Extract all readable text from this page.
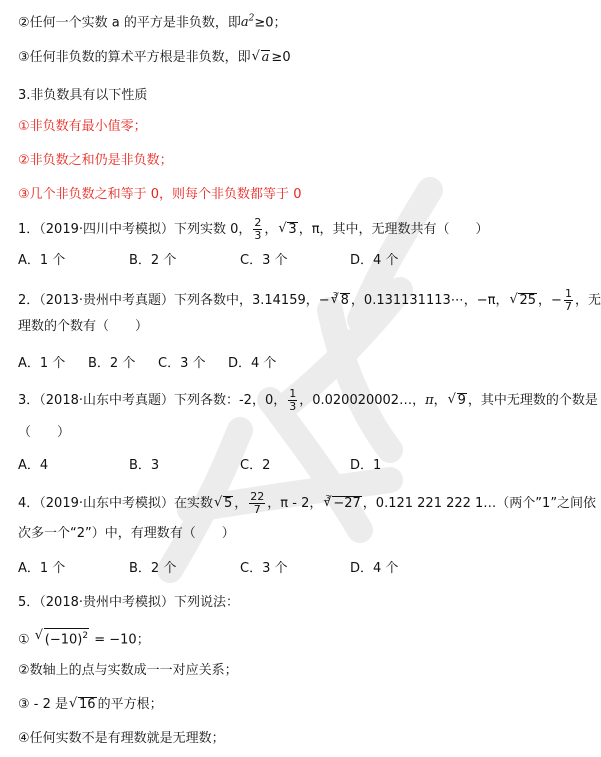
②任何一个实数 a 的平方是非负数，即$a^2\ge 0$；
③任何非负数的算术平方根是非负数，即 √ a ≥0
3.非负数具有以下性质
①非负数有最小值零；
②非负数之和仍是非负数；
③几个非负数之和等于 0，则每个非负数都等于 0
1．（2019·四川中考模拟）下列实数 0， $\frac{2}{3}$ ， √ 3 ，π，其中，无理数共有（　　）
A．1 个	B．2 个	C．3 个	D．4 个
2．（2013·贵州中考真题）下列各数中，3.14159，− √ 3 8 ，0.131131113⋯，−π， √ 25 ，− $\frac{1}{7}$ ，无
理数的个数有（　　）
A．1 个 B．2 个 C．3 个 D．4 个
3．（2018·山东中考真题）下列各数：-2，0， $\frac{1}{3}$ ，0.020020002…，π， √ 9 ，其中无理数的个数是
（　　）
A．4	B．3	C．2	D．1
4．（2019·山东中考模拟）在实数 √ 5 ， $\frac{22}{7}$ ，π - 2， √ 3 −27 ，0.121 221 222 1…（两个”1”之间依
次多一个“2”）中，有理数有（　　）
A．1 个	B．2 个	C．3 个	D．4 个
5．（2018·贵州中考模拟）下列说法：
① √ $(-10)^2 = -10$；
②数轴上的点与实数成一一对应关系；
③ - 2 是 √ 16 的平方根；
④任何实数不是有理数就是无理数；
